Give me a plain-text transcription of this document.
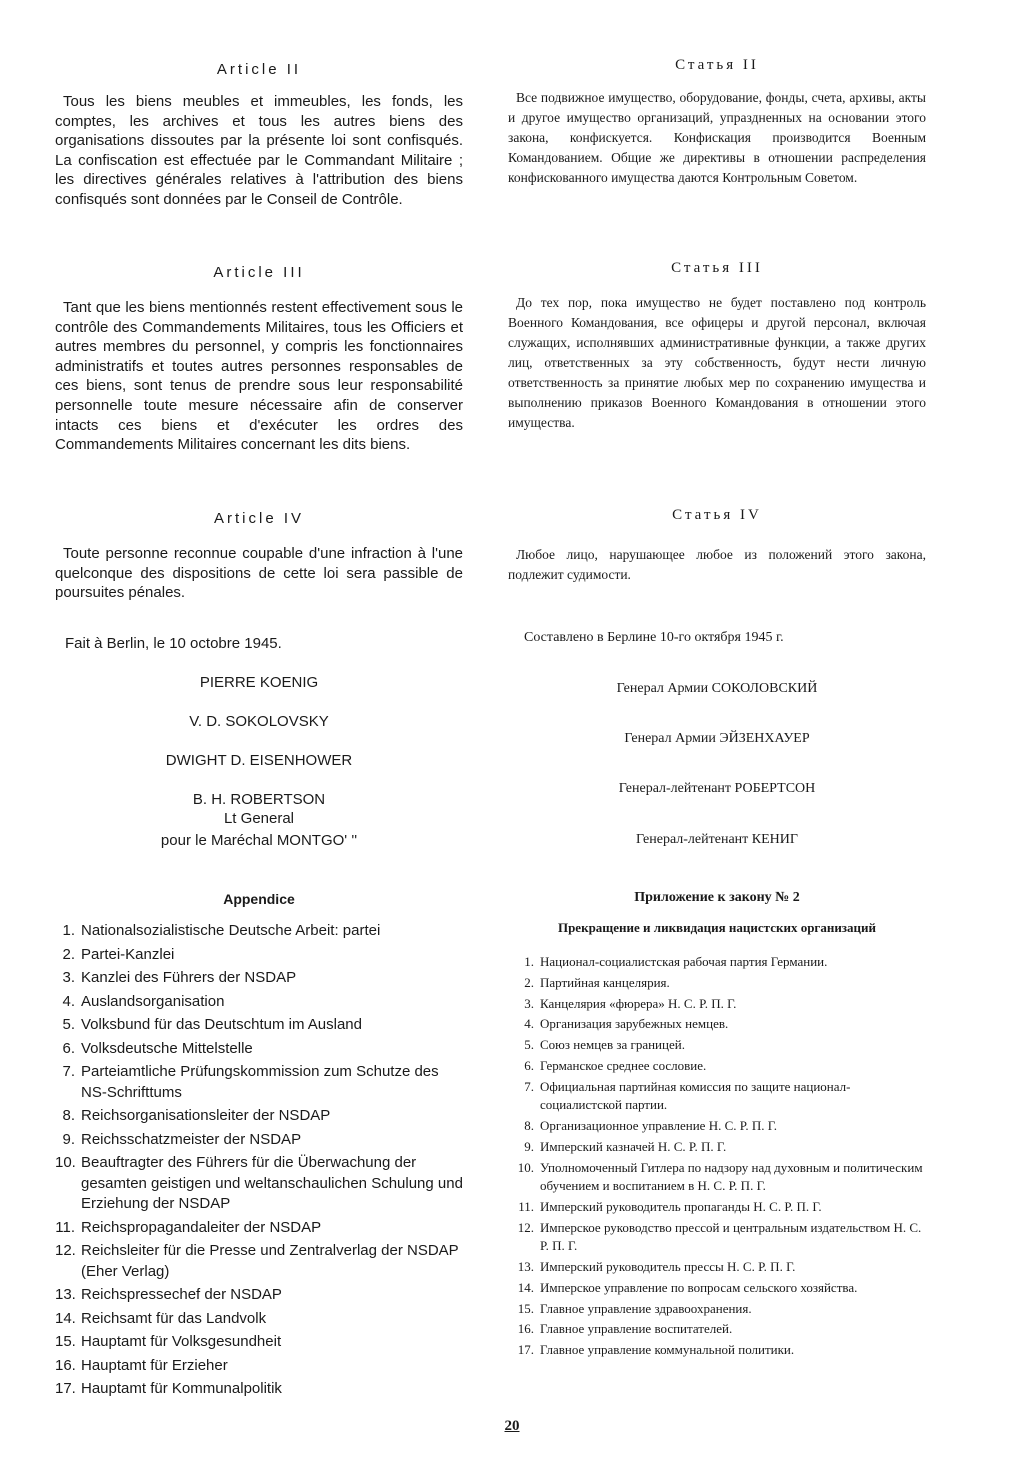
Article II
Tous les biens meubles et immeubles, les fonds, les comptes, les archives et tous les autres biens des organisations dissoutes par la présente loi sont confisqués. La confiscation est effectuée par le Commandant Militaire ; les directives générales relatives à l'attribution des biens confisqués sont données par le Conseil de Contrôle.
Article III
Tant que les biens mentionnés restent effectivement sous le contrôle des Commandements Militaires, tous les Officiers et autres membres du personnel, y compris les fonctionnaires administratifs et toutes autres personnes responsables de ces biens, sont tenus de prendre sous leur responsabilité personnelle toute mesure nécessaire afin de conserver intacts ces biens et d'exécuter les ordres des Commandements Militaires concernant les dits biens.
Article IV
Toute personne reconnue coupable d'une infraction à l'une quelconque des dispositions de cette loi sera passible de poursuites pénales.
Fait à Berlin, le 10 octobre 1945.
PIERRE KOENIG
V. D. SOKOLOVSKY
DWIGHT D. EISENHOWER
B. H. ROBERTSON
Lt General
pour le Maréchal MONTGO' ''
Appendice
1. Nationalsozialistische Deutsche Arbeit: partei
2. Partei-Kanzlei
3. Kanzlei des Führers der NSDAP
4. Auslandsorganisation
5. Volksbund für das Deutschtum im Ausland
6. Volksdeutsche Mittelstelle
7. Parteiamtliche Prüfungskommission zum Schutze des NS-Schrifttums
8. Reichsorganisationsleiter der NSDAP
9. Reichsschatzmeister der NSDAP
10. Beauftragter des Führers für die Überwachung der gesamten geistigen und weltanschaulichen Schulung und Erziehung der NSDAP
11. Reichspropagandaleiter der NSDAP
12. Reichsleiter für die Presse und Zentralverlag der NSDAP (Eher Verlag)
13. Reichspressechef der NSDAP
14. Reichsamt für das Landvolk
15. Hauptamt für Volksgesundheit
16. Hauptamt für Erzieher
17. Hauptamt für Kommunalpolitik
Статья II
Все подвижное имущество, оборудование, фонды, счета, архивы, акты и другое имущество организаций, упраздненных на основании этого закона, конфискуется. Конфискация производится Военным Командованием. Общие же директивы в отношении распределения конфискованного имущества даются Контрольным Советом.
Статья III
До тех пор, пока имущество не будет поставлено под контроль Военного Командования, все офицеры и другой персонал, включая служащих, исполнявших административные функции, а также других лиц, ответственных за эту собственность, будут нести личную ответственность за принятие любых мер по сохранению имущества и выполнению приказов Военного Командования в отношении этого имущества.
Статья IV
Любое лицо, нарушающее любое из положений этого закона, подлежит судимости.
Составлено в Берлине 10-го октября 1945 г.
Генерал Армии СОКОЛОВСКИЙ
Генерал Армии ЭЙЗЕНХАУЕР
Генерал-лейтенант РОБЕРТСОН
Генерал-лейтенант КЕНИГ
Приложение к закону № 2
Прекращение и ликвидация нацистских организаций
1. Национал-социалистская рабочая партия Германии.
2. Партийная канцелярия.
3. Канцелярия «фюрера» Н. С. Р. П. Г.
4. Организация зарубежных немцев.
5. Союз немцев за границей.
6. Германское среднее сословие.
7. Официальная партийная комиссия по защите национал-социалистской партии.
8. Организационное управление Н. С. Р. П. Г.
9. Имперский казначей Н. С. Р. П. Г.
10. Уполномоченный Гитлера по надзору над духовным и политическим обучением и воспитанием в Н. С. Р. П. Г.
11. Имперский руководитель пропаганды Н. С. Р. П. Г.
12. Имперское руководство прессой и центральным издательством Н. С. Р. П. Г.
13. Имперский руководитель прессы Н. С. Р. П. Г.
14. Имперское управление по вопросам сельского хозяйства.
15. Главное управление здравоохранения.
16. Главное управление воспитателей.
17. Главное управление коммунальной политики.
20
